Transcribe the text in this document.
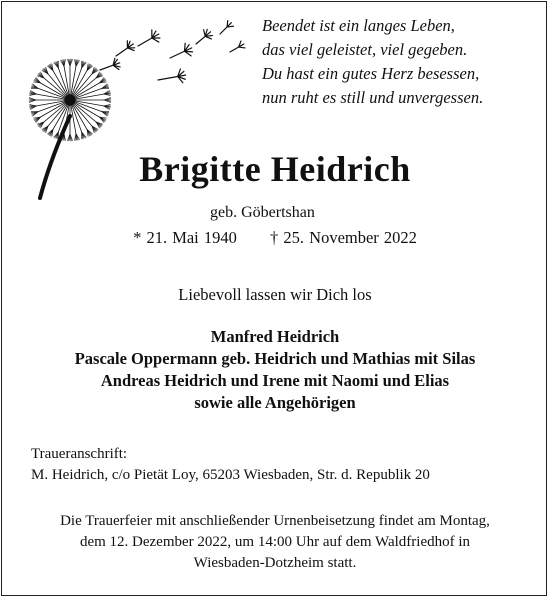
Beendet ist ein langes Leben,
das viel geleistet, viel gegeben.
Du hast ein gutes Herz besessen,
nun ruht es still und unvergessen.
Brigitte Heidrich
geb. Göbertshan
* 21. Mai 1940 † 25. November 2022
Liebevoll lassen wir Dich los
Manfred Heidrich
Pascale Oppermann geb. Heidrich und Mathias mit Silas
Andreas Heidrich und Irene mit Naomi und Elias
sowie alle Angehörigen
Traueranschrift:
M. Heidrich, c/o Pietät Loy, 65203 Wiesbaden, Str. d. Republik 20
Die Trauerfeier mit anschließender Urnenbeisetzung findet am Montag,
dem 12. Dezember 2022, um 14:00 Uhr auf dem Waldfriedhof in
Wiesbaden-Dotzheim statt.
